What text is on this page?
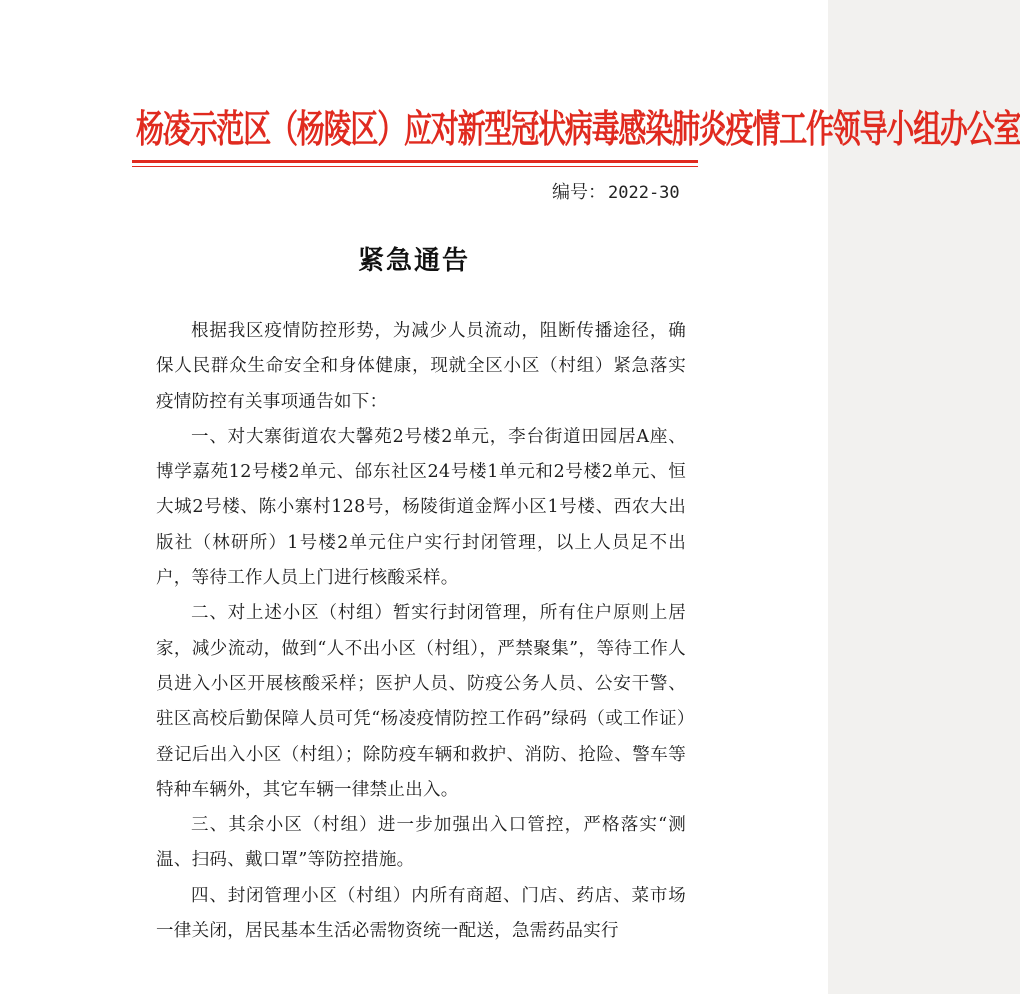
杨凌示范区（杨陵区）应对新型冠状病毒感染肺炎疫情工作领导小组办公室
编号： 2022-30
紧急通告

根据我区疫情防控形势，为减少人员流动，阻断传播途径，确保人民群众生命安全和身体健康，现就全区小区（村组）紧急落实疫情防控有关事项通告如下：

一、对大寨街道农大馨苑2号楼2单元，李台街道田园居A座、博学嘉苑12号楼2单元、邰东社区24号楼1单元和2号楼2单元、恒大城2号楼、陈小寨村128号，杨陵街道金辉小区1号楼、西农大出版社（林研所）1号楼2单元住户实行封闭管理，以上人员足不出户，等待工作人员上门进行核酸采样。

二、对上述小区（村组）暂实行封闭管理，所有住户原则上居家，减少流动，做到“人不出小区（村组），严禁聚集”，等待工作人员进入小区开展核酸采样；医护人员、防疫公务人员、公安干警、驻区高校后勤保障人员可凭“杨凌疫情防控工作码”绿码（或工作证）登记后出入小区（村组）；除防疫车辆和救护、消防、抢险、警车等特种车辆外，其它车辆一律禁止出入。

三、其余小区（村组）进一步加强出入口管控，严格落实“测温、扫码、戴口罩”等防控措施。

四、封闭管理小区（村组）内所有商超、门店、药店、菜市场一律关闭，居民基本生活必需物资统一配送，急需药品实行
